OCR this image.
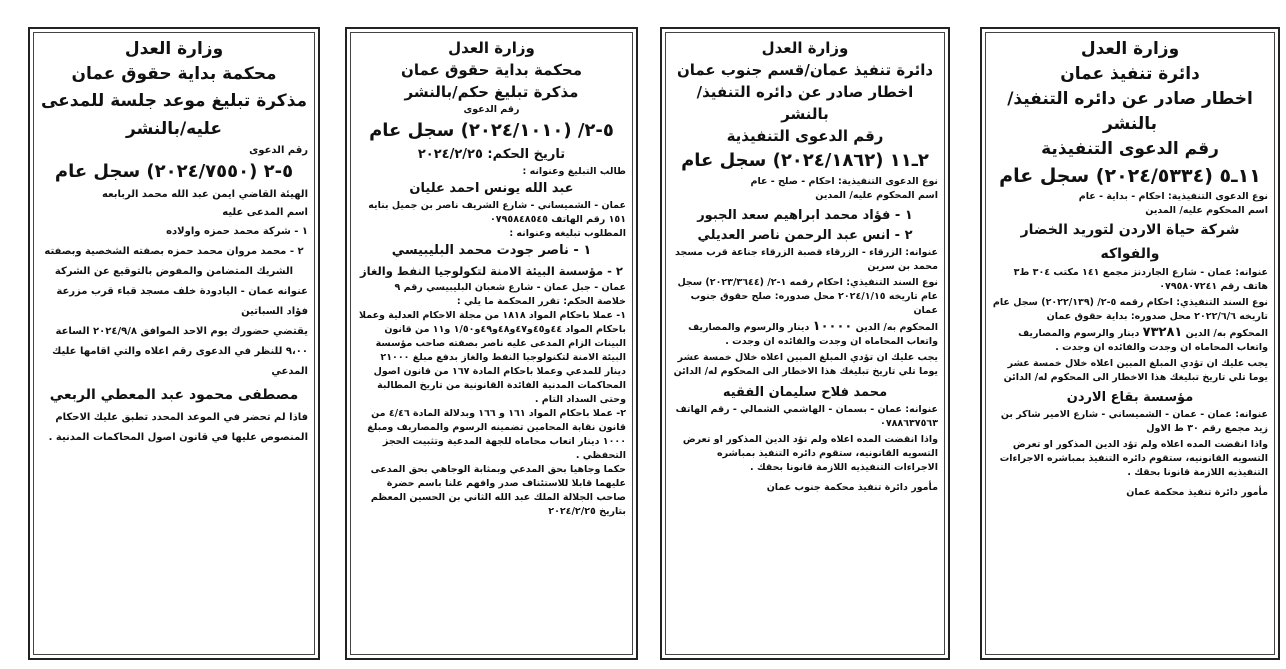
وزارة العدل

دائرة تنفيذ عمان

اخطار صادر عن دائره التنفيذ/ بالنشر

رقم الدعوى التنفيذية

١١ـ٥ (٢٠٢٤/٥٣٣٤) سجل عام

نوع الدعوى التنفيذية: احكام - بداية - عام

اسم المحكوم عليه/ المدين

شركة حياة الاردن لتوريد الخضار والفواكه

عنوانه: عمان - شارع الجاردنز مجمع ١٤١ مكتب ٣٠٤ ط٣ هاتف رقم ٠٧٩٥٨٠٧٢٤١

نوع السند التنفيذي: احكام رقمه ٥-٢/ (٢٠٢٢/١٣٩) سجل عام تاريخه ٢٠٢٢/٦/٦ محل صدوره: بداية حقوق عمان

المحكوم به/ الدين ٧٣٢٨١ دينار والرسوم والمصاريف واتعاب المحاماه ان وجدت والفائده ان وجدت .

يجب عليك ان تؤدي المبلغ المبين اعلاه خلال خمسة عشر يوما تلي تاريخ تبليغك هذا الاخطار الى المحكوم له/ الدائن

مؤسسة بقاع الاردن

عنوانه: عمان - عمان - الشميساني - شارع الامير شاكر بن زيد مجمع رقم ٣٠ ط الاول

واذا انقضت المده اعلاه ولم تؤد الدين المذكور او تعرض التسويه القانونيه، ستقوم دائره التنفيذ بمباشره الاجراءات التنفيذيه اللازمة قانونا بحقك .

مأمور دائرة تنفيذ محكمة عمان

وزارة العدل

دائرة تنفيذ عمان/قسم جنوب عمان

اخطار صادر عن دائره التنفيذ/ بالنشر

رقم الدعوى التنفيذية

٢ـ١١ (٢٠٢٤/١٨٦٢) سجل عام

نوع الدعوى التنفيذية: احكام - صلح - عام

اسم المحكوم عليه/ المدين

١ - فؤاد محمد ابراهيم سعد الجبور

٢ - انس عبد الرحمن ناصر العديلي

عنوانه: الزرقاء - الزرقاء قصبة الزرقاء جناعة قرب مسجد محمد بن سرين

نوع السند التنفيذي: احكام رقمه ١-٢/ (٢٠٢٣/٣٦٤٤) سجل عام تاريخه ٢٠٢٤/١/١٥ محل صدوره: صلح حقوق جنوب عمان

المحكوم به/ الدين ١٠٠٠٠ دينار والرسوم والمصاريف واتعاب المحاماه ان وجدت والفائده ان وجدت .

يجب عليك ان تؤدي المبلغ المبين اعلاه خلال خمسة عشر يوما تلي تاريخ تبليغك هذا الاخطار الى المحكوم له/ الدائن

محمد فلاح سليمان الفقيه

عنوانه: عمان - بسمان - الهاشمي الشمالي - رقم الهاتف ٠٧٨٨٦٣٧٥٦٣

واذا انقضت المده اعلاه ولم تؤد الدين المذكور او تعرض التسويه القانونيه، ستقوم دائره التنفيذ بمباشره الاجراءات التنفيذيه اللازمة قانونا بحقك .

مأمور دائرة تنفيذ محكمة جنوب عمان

وزارة العدل

محكمة بداية حقوق عمان

مذكرة تبليغ حكم/بالنشر

رقم الدعوى

٥-٢/ (٢٠٢٤/١٠١٠) سجل عام

تاريخ الحكم: ٢٠٢٤/٢/٢٥

طالب التبليغ وعنوانه :

عبد الله يونس احمد عليان

عمان - الشميساني - شارع الشريف ناصر بن جميل بنايه ١٥١ رقم الهاتف ٠٧٩٥٨٤٨٥٤٥

المطلوب تبليغه وعنوانه :

١ - ناصر جودت محمد البليبيسي

٢ - مؤسسة البيئة الامنة لتكولوجيا النفط والغاز

عمان - جبل عمان - شارع شعبان البليبيسي رقم ٩

خلاصة الحكم: تقرر المحكمة ما يلي :

١- عملا باحكام المواد ١٨١٨ من مجلة الاحكام العدلية وعملا باحكام المواد ٤٤و٤٥و٤٧و٤٨و٤٩و١/٥٠ و١١ من قانون البينات الزام المدعى عليه ناصر بصفته صاحب مؤسسة البيئة الامنة لتكنولوجيا النفط والغاز بدفع مبلغ ٢١٠٠٠ دينار للمدعي وعملا باحكام المادة ١٦٧ من قانون اصول المحاكمات المدنية الفائدة القانونية من تاريخ المطالبة وحتى السداد التام .

٢- عملا باحكام المواد ١٦١ و ١٦٦ وبدلالة المادة ٤/٤٦ من قانون نقابة المحامين تضمينه الرسوم والمصاريف ومبلغ ١٠٠٠ دينار اتعاب محاماه للجهة المدعية وتثبيت الحجز التحفظي .

حكما وجاهيا بحق المدعي وبمثابة الوجاهي بحق المدعى عليهما قابلا للاستئناف صدر وافهم علنا باسم حضرة صاحب الجلالة الملك عبد الله الثاني بن الحسين المعظم بتاريخ ٢٠٢٤/٢/٢٥

وزارة العدل

محكمة بداية حقوق عمان

مذكرة تبليغ موعد جلسة للمدعى عليه/بالنشر

رقم الدعوى

٥-٢ (٢٠٢٤/٧٥٥٠) سجل عام

الهيئة القاضي ايمن عبد الله محمد الربابعه

اسم المدعى عليه

١ - شركة محمد حمزه واولاده

٢ - محمد مروان محمد حمزه بصفته الشخصية وبصفته الشريك المتضامن والمفوض بالتوقيع عن الشركة

عنوانه عمان - اليادودة خلف مسجد قباء قرب مزرعة فؤاد السباتين

يقتضي حضورك يوم الاحد الموافق ٢٠٢٤/٩/٨ الساعة ٩،٠٠ للنظر في الدعوى رقم اعلاه والتي اقامها عليك المدعي

مصطفى محمود عبد المعطي الربعي

فاذا لم تحضر في الموعد المحدد تطبق عليك الاحكام المنصوص عليها في قانون اصول المحاكمات المدنية .
